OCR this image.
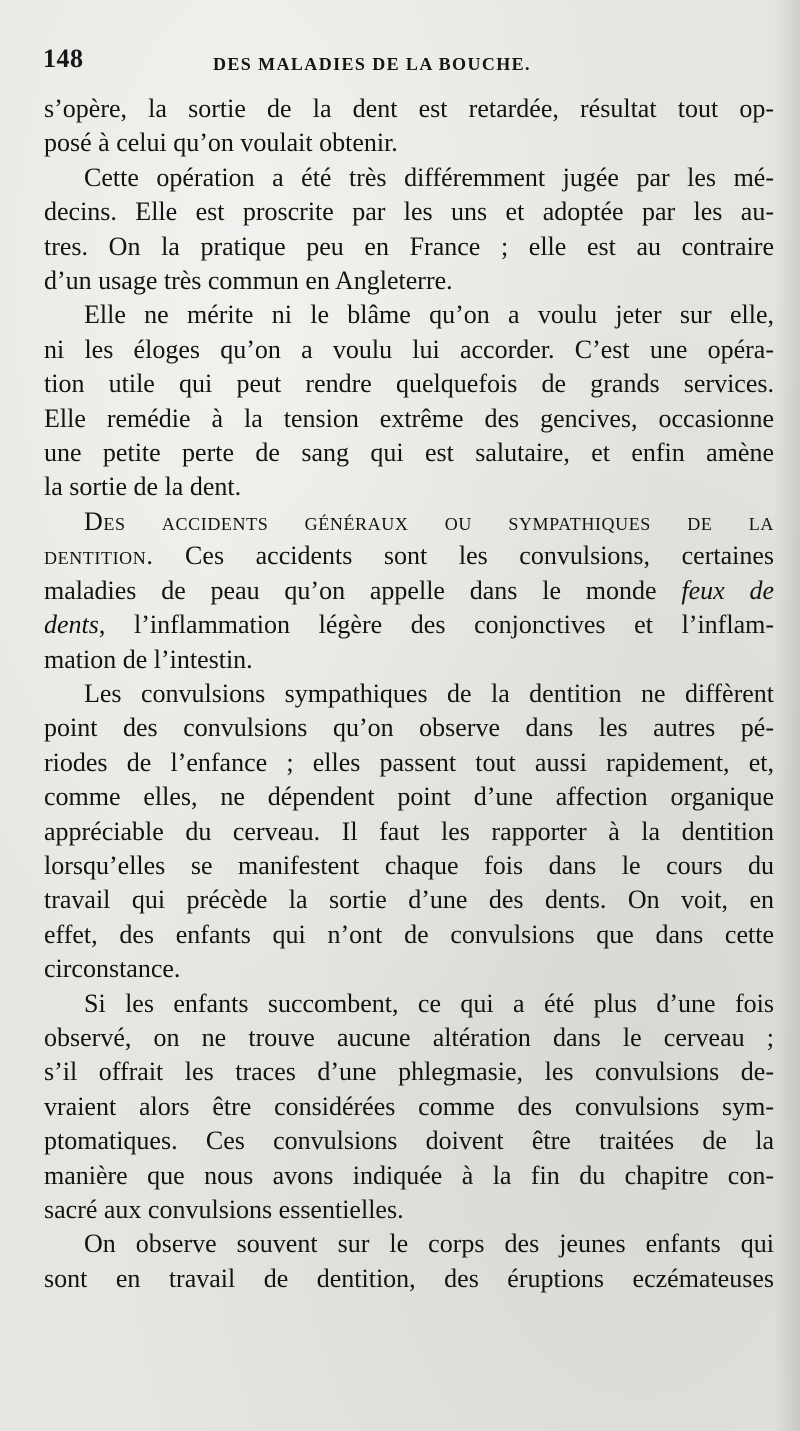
148	DES MALADIES DE LA BOUCHE.
s’opère, la sortie de la dent est retardée, résultat tout op-
posé à celui qu’on voulait obtenir.
Cette opération a été très différemment jugée par les mé-
decins. Elle est proscrite par les uns et adoptée par les au-
tres. On la pratique peu en France ; elle est au contraire
d’un usage très commun en Angleterre.
Elle ne mérite ni le blâme qu’on a voulu jeter sur elle,
ni les éloges qu’on a voulu lui accorder. C’est une opéra-
tion utile qui peut rendre quelquefois de grands services.
Elle remédie à la tension extrême des gencives, occasionne
une petite perte de sang qui est salutaire, et enfin amène
la sortie de la dent.
Des accidents généraux ou sympathiques de la
dentition. Ces accidents sont les convulsions, certaines
maladies de peau qu’on appelle dans le monde feux de
dents, l’inflammation légère des conjonctives et l’inflam-
mation de l’intestin.
Les convulsions sympathiques de la dentition ne diffèrent
point des convulsions qu’on observe dans les autres pé-
riodes de l’enfance ; elles passent tout aussi rapidement, et,
comme elles, ne dépendent point d’une affection organique
appréciable du cerveau. Il faut les rapporter à la dentition
lorsqu’elles se manifestent chaque fois dans le cours du
travail qui précède la sortie d’une des dents. On voit, en
effet, des enfants qui n’ont de convulsions que dans cette
circonstance.
Si les enfants succombent, ce qui a été plus d’une fois
observé, on ne trouve aucune altération dans le cerveau ;
s’il offrait les traces d’une phlegmasie, les convulsions de-
vraient alors être considérées comme des convulsions sym-
ptomatiques. Ces convulsions doivent être traitées de la
manière que nous avons indiquée à la fin du chapitre con-
sacré aux convulsions essentielles.
On observe souvent sur le corps des jeunes enfants qui
sont en travail de dentition, des éruptions eczémateuses
